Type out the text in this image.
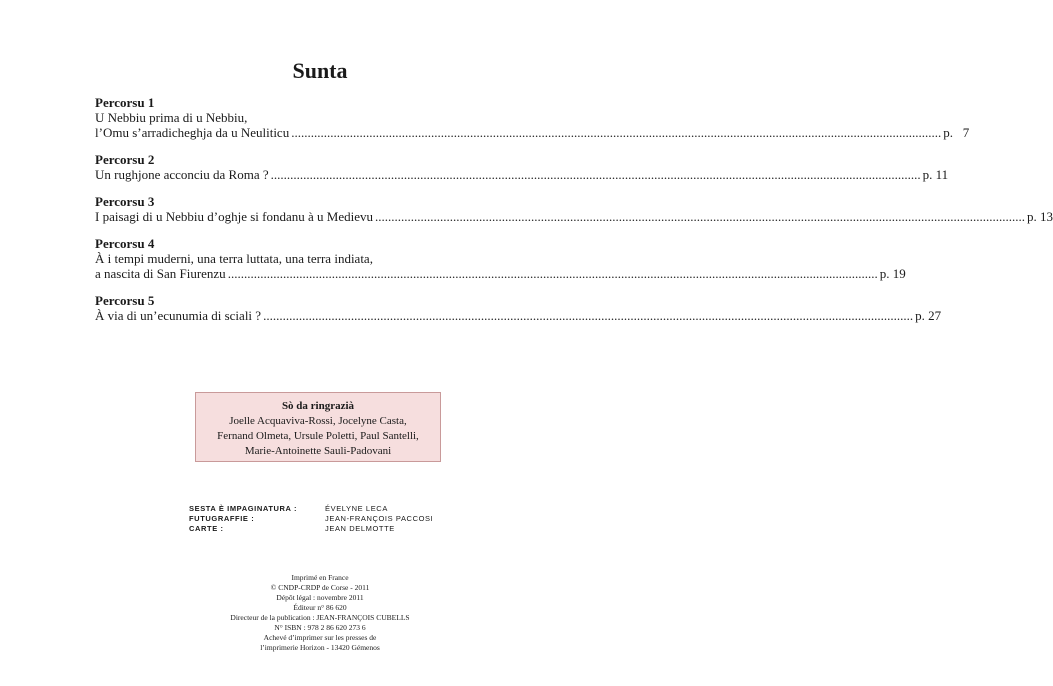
Sunta
Percorsu 1
U Nebbiu prima di u Nebbiu,
l’Omu s’arradicheghja da u Neuliticu ........................................................................................................................................................................................................ p.   7
Percorsu 2
Un rughjone acconciu da Roma ? ........................................................................................................................................................................................................ p. 11
Percorsu 3
I paisagi di u Nebbiu d’oghje si fondanu à u Medievu ........................................................................................................................................................................................................ p. 13
Percorsu 4
À i tempi muderni, una terra luttata, una terra indiata,
a nascita di San Fiurenzu ........................................................................................................................................................................................................ p. 19
Percorsu 5
À via di un’ecunumia di sciali ? ........................................................................................................................................................................................................ p. 27
Sò da ringrazià
Joelle Acquaviva-Rossi, Jocelyne Casta,
Fernand Olmeta, Ursule Poletti, Paul Santelli,
Marie-Antoinette Sauli-Padovani
SESTA È IMPAGINATURA :	ÉVELYNE LECA
FUTUGRAFFIE :	JEAN-FRANÇOIS PACCOSI
CARTE :	JEAN DELMOTTE
Imprimé en France
© CNDP-CRDP de Corse - 2011
Dépôt légal : novembre 2011
Éditeur n° 86 620
Directeur de la publication : JEAN-FRANÇOIS CUBELLS
N° ISBN : 978 2 86 620 273 6
Achevé d’imprimer sur les presses de
l’imprimerie Horizon - 13420 Gémenos
